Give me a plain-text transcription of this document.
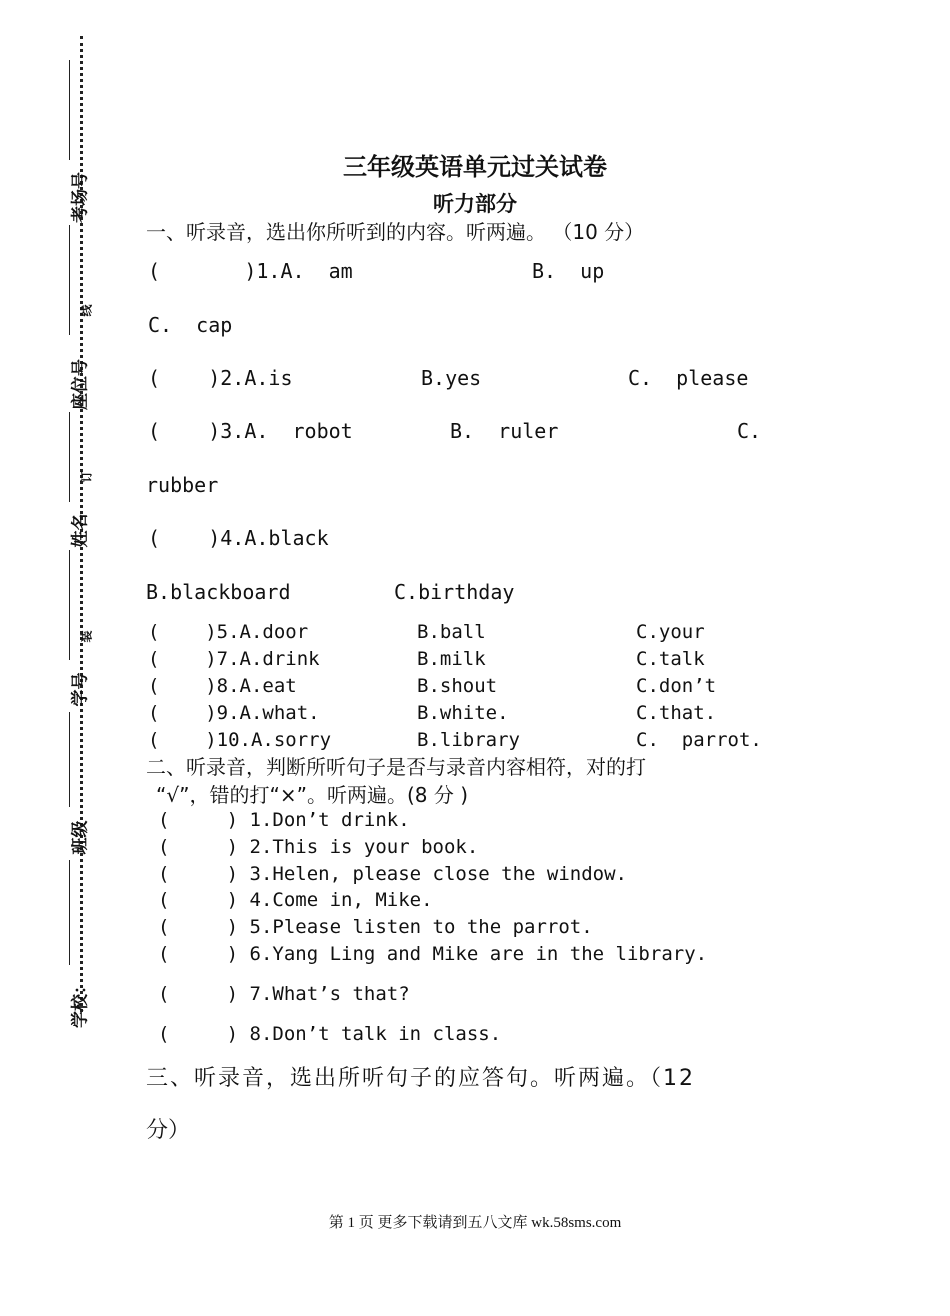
考场号
座位号
姓名
学号
班级
学校：
线
订
装
三年级英语单元过关试卷
听力部分
一、听录音，选出你所听到的内容。听两遍。 （10 分）
(       )1.A.  am	B.  up
C.  cap
(    )2.A.is	B.yes	C.  please
(    )3.A.  robot	B.  ruler	C.
rubber
(    )4.A.black
B.blackboard	C.birthday
(    )5.A.door	B.ball	C.your
(    )7.A.drink	B.milk	C.talk
(    )8.A.eat	B.shout	C.don’t
(    )9.A.what.	B.white.	C.that.
(    )10.A.sorry	B.library	C.  parrot.
二、听录音，判断所听句子是否与录音内容相符，对的打
“√”，错的打“×”。听两遍。(8 分 )
(     ) 1.Don’t drink.
(     ) 2.This is your book.
(     ) 3.Helen, please close the window.
(     ) 4.Come in, Mike.
(     ) 5.Please listen to the parrot.
(     ) 6.Yang Ling and Mike are in the library.
(     ) 7.What’s that?
(     ) 8.Don’t talk in class.
三、听录音，选出所听句子的应答句。听两遍。（12
分）
第 1 页 更多下载请到五八文库 wk.58sms.com
